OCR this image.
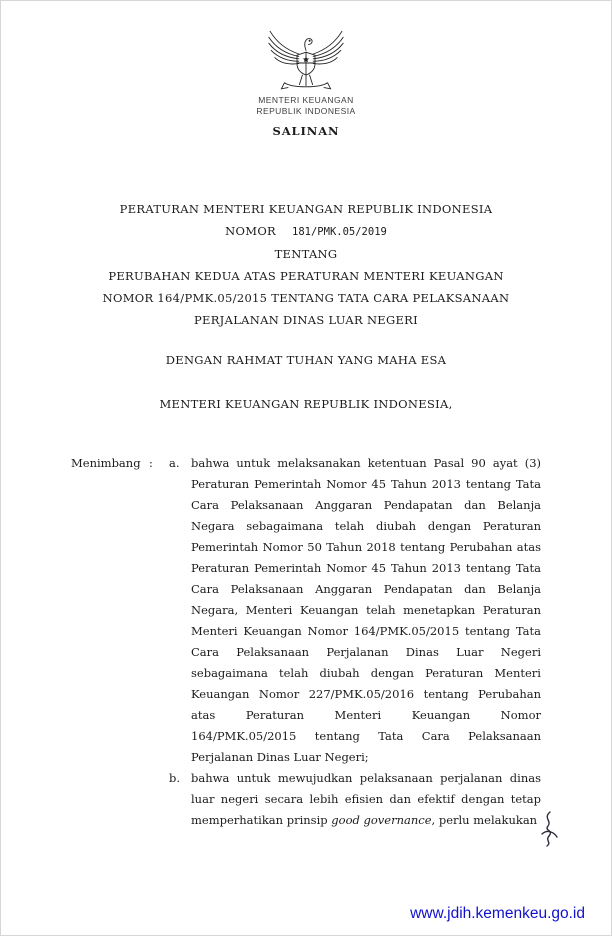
MENTERI KEUANGAN
REPUBLIK INDONESIA
SALINAN
PERATURAN MENTERI KEUANGAN REPUBLIK INDONESIA
NOMOR 181/PMK.05/2019
TENTANG
PERUBAHAN KEDUA ATAS PERATURAN MENTERI KEUANGAN
NOMOR 164/PMK.05/2015 TENTANG TATA CARA PELAKSANAAN
PERJALANAN DINAS LUAR NEGERI
DENGAN RAHMAT TUHAN YANG MAHA ESA
MENTERI KEUANGAN REPUBLIK INDONESIA,
Menimbang :	a. bahwa untuk melaksanakan ketentuan Pasal 90 ayat (3) Peraturan Pemerintah Nomor 45 Tahun 2013 tentang Tata Cara Pelaksanaan Anggaran Pendapatan dan Belanja Negara sebagaimana telah diubah dengan Peraturan Pemerintah Nomor 50 Tahun 2018 tentang Perubahan atas Peraturan Pemerintah Nomor 45 Tahun 2013 tentang Tata Cara Pelaksanaan Anggaran Pendapatan dan Belanja Negara, Menteri Keuangan telah menetapkan Peraturan Menteri Keuangan Nomor 164/PMK.05/2015 tentang Tata Cara Pelaksanaan Perjalanan Dinas Luar Negeri sebagaimana telah diubah dengan Peraturan Menteri Keuangan Nomor 227/PMK.05/2016 tentang Perubahan atas Peraturan Menteri Keuangan Nomor 164/PMK.05/2015 tentang Tata Cara Pelaksanaan Perjalanan Dinas Luar Negeri;

b. bahwa untuk mewujudkan pelaksanaan perjalanan dinas luar negeri secara lebih efisien dan efektif dengan tetap memperhatikan prinsip good governance, perlu melakukan

www.jdih.kemenkeu.go.id
